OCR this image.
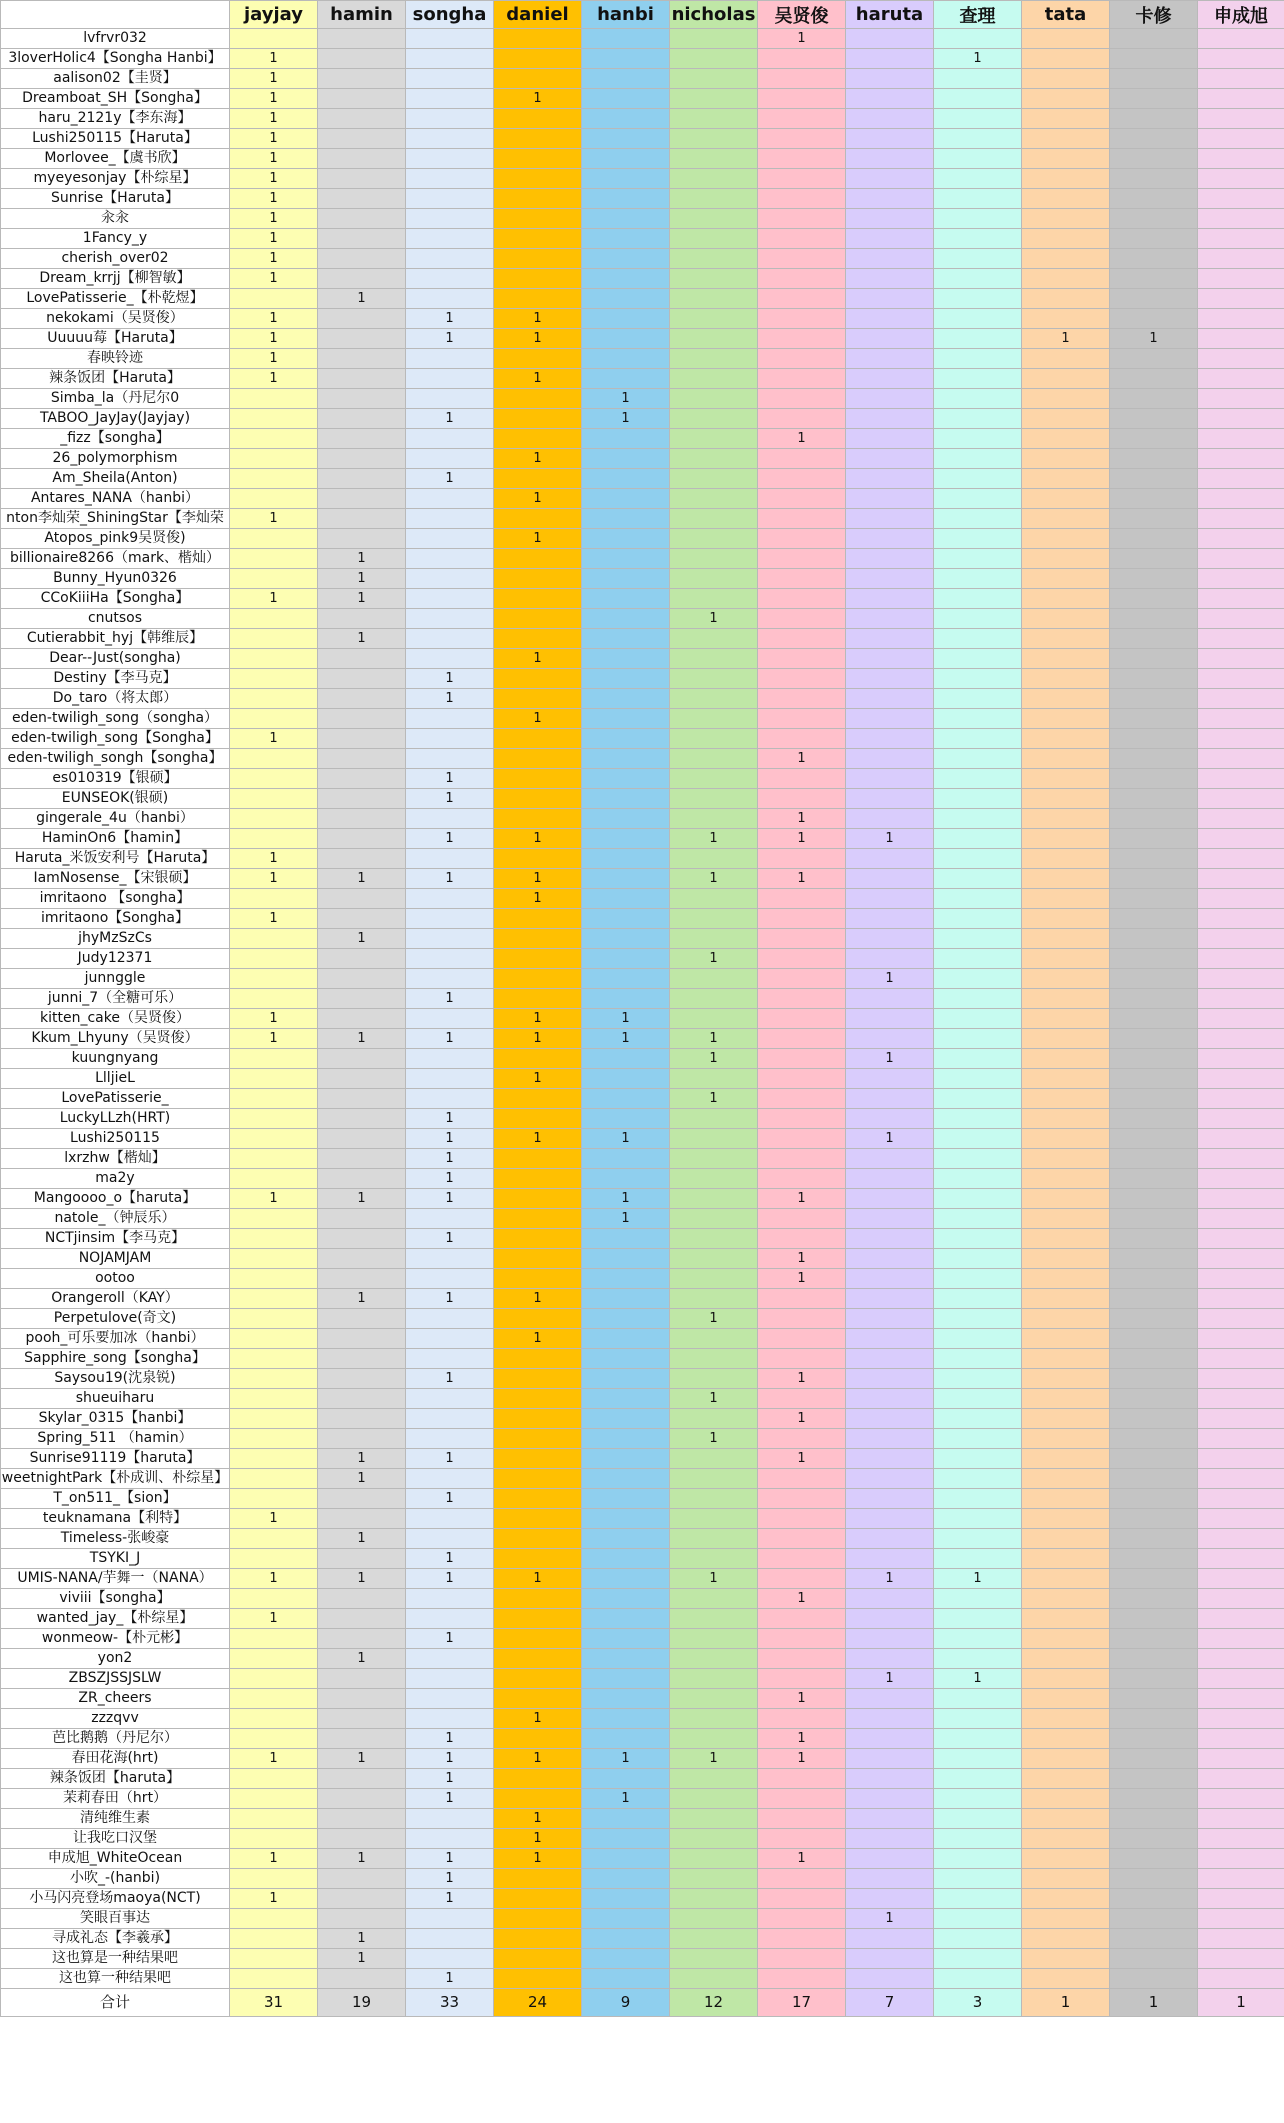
	jayjay	hamin	songha	daniel	hanbi	nicholas	吴贤俊	haruta	查理	tata	卡修	申成旭
lvfrvr032							1					
3loverHolic4【Songha Hanbi】	1								1			
aalison02【圭贤】	1											
Dreamboat_SH【Songha】	1			1								
haru_2121y【李东海】	1											
Lushi250115【Haruta】	1											
Morlovee_【虞书欣】	1											
myeyesonjay【朴综星】	1											
Sunrise【Haruta】	1											
汆汆	1											
1Fancy_y	1											
cherish_over02	1											
Dream_krrjj【柳智敏】	1											
LovePatisserie_【朴乾煜】		1										
nekokami（吴贤俊）	1		1	1								
Uuuuu莓【Haruta】	1		1	1						1	1	
春映铃迹	1											
辣条饭团【Haruta】	1			1								
Simba_la（丹尼尔0					1							
TABOO_JayJay(Jayjay)			1		1							
_fizz【songha】							1					
26_polymorphism				1								
Am_Sheila(Anton)			1									
Antares_NANA（hanbi）				1								
nton李灿荣_ShiningStar【李灿荣	1											
Atopos_pink9吴贤俊)				1								
billionaire8266（mark、楷灿）		1										
Bunny_Hyun0326		1										
CCoKiiiHa【Songha】	1	1										
cnutsos						1						
Cutierabbit_hyj【韩维辰】		1										
Dear--Just(songha)				1								
Destiny【李马克】			1									
Do_taro（将太郎）			1									
eden-twiligh_song（songha）				1								
eden-twiligh_song【Songha】	1											
eden-twiligh_songh【songha】							1					
es010319【银硕】			1									
EUNSEOK(银硕)			1									
gingerale_4u（hanbi）							1					
HaminOn6【hamin】			1	1		1	1	1				
Haruta_米饭安利号【Haruta】	1											
IamNosense_【宋银硕】	1	1	1	1		1	1					
imritaono 【songha】				1								
imritaono【Songha】	1											
jhyMzSzCs		1										
Judy12371						1						
junnggle								1				
junni_7（全糖可乐）			1									
kitten_cake（吴贤俊）	1			1	1							
Kkum_Lhyuny（吴贤俊）	1	1	1	1	1	1						
kuungnyang						1		1				
LlljieL				1								
LovePatisserie_						1						
LuckyLLzh(HRT)			1									
Lushi250115			1	1	1			1				
lxrzhw【楷灿】			1									
ma2y			1									
Mangoooo_o【haruta】	1	1	1		1		1					
natole_（钟辰乐）					1							
NCTjinsim【李马克】			1									
NOJAMJAM							1					
ootoo							1					
Orangeroll（KAY）		1	1	1								
Perpetulove(奇文)						1						
pooh_可乐要加冰（hanbi）				1								
Sapphire_song【songha】												
Saysou19(沈泉锐)			1				1					
shueuiharu						1						
Skylar_0315【hanbi】							1					
Spring_511 （hamin）						1						
Sunrise91119【haruta】		1	1				1					
weetnightPark【朴成训、朴综星】		1										
T_on511_【sion】			1									
teuknamana【利特】	1											
Timeless-张峻豪		1										
TSYKI_J			1									
UMIS-NANA/芋舞一（NANA）	1	1	1	1		1		1	1			
viviii【songha】							1					
wanted_jay_【朴综星】	1											
wonmeow-【朴元彬】			1									
yon2		1										
ZBSZJSSJSLW								1	1			
ZR_cheers							1					
zzzqvv				1								
芭比鹅鹅（丹尼尔）			1				1					
春田花海(hrt)	1	1	1	1	1	1	1					
辣条饭团【haruta】			1									
茉莉春田（hrt）			1		1							
清纯维生素				1								
让我吃口汉堡				1								
申成旭_WhiteOcean	1	1	1	1			1					
小吹_-(hanbi)			1									
小马闪亮登场maoya(NCT)	1		1									
笑眼百事达								1				
寻成礼态【李羲承】		1										
这也算是一种结果吧		1										
这也算一种结果吧			1									
合计	31	19	33	24	9	12	17	7	3	1	1	1
